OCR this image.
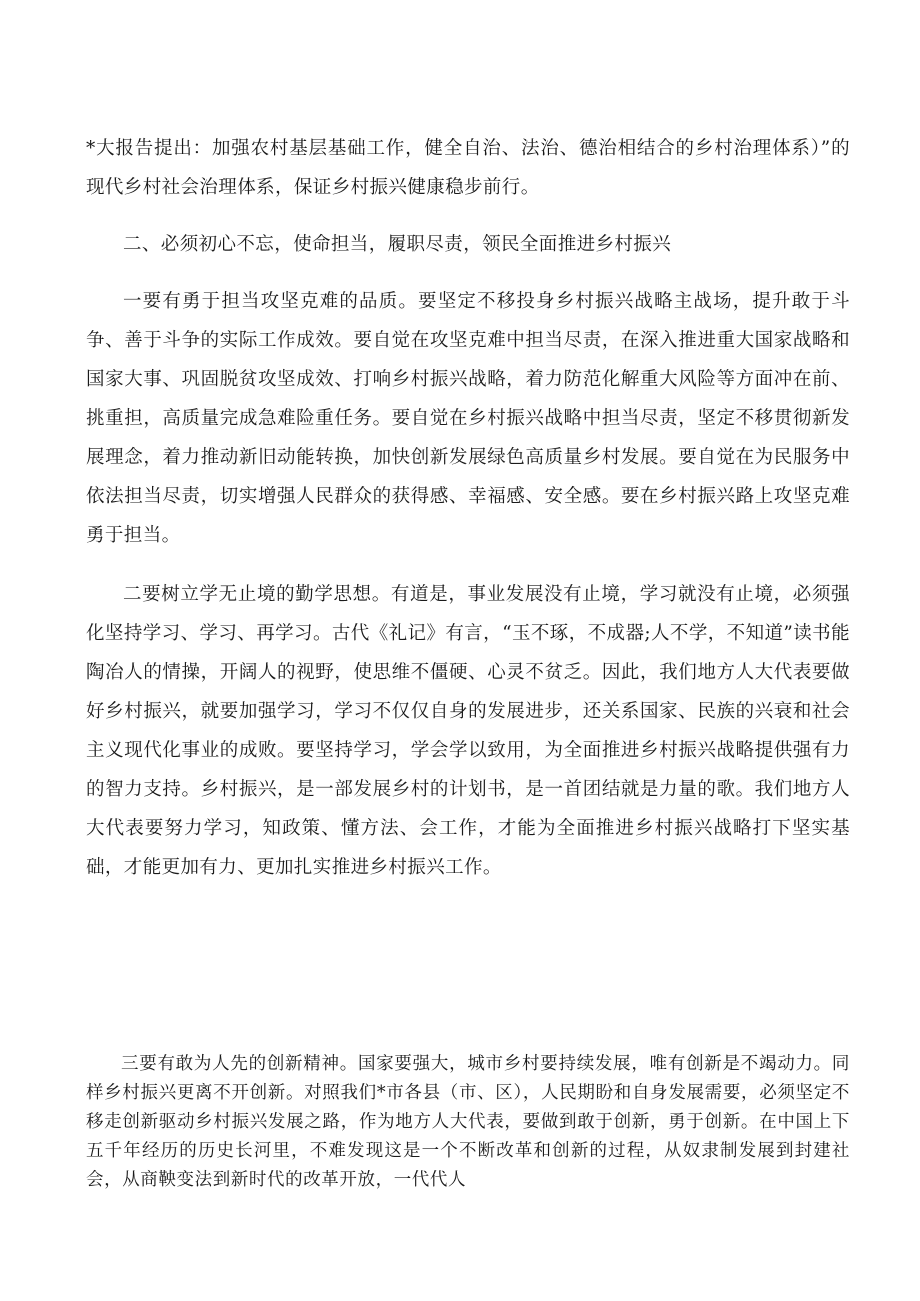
*大报告提出：加强农村基层基础工作，健全自治、法治、德治相结合的乡村治理体系）”的现代乡村社会治理体系，保证乡村振兴健康稳步前行。

二、必须初心不忘，使命担当，履职尽责，领民全面推进乡村振兴

一要有勇于担当攻坚克难的品质。要坚定不移投身乡村振兴战略主战场，提升敢于斗争、善于斗争的实际工作成效。要自觉在攻坚克难中担当尽责，在深入推进重大国家战略和国家大事、巩固脱贫攻坚成效、打响乡村振兴战略，着力防范化解重大风险等方面冲在前、挑重担，高质量完成急难险重任务。要自觉在乡村振兴战略中担当尽责，坚定不移贯彻新发展理念，着力推动新旧动能转换，加快创新发展绿色高质量乡村发展。要自觉在为民服务中依法担当尽责，切实增强人民群众的获得感、幸福感、安全感。要在乡村振兴路上攻坚克难勇于担当。

二要树立学无止境的勤学思想。有道是，事业发展没有止境，学习就没有止境，必须强化坚持学习、学习、再学习。古代《礼记》有言，“玉不琢，不成器;人不学，不知道”读书能陶冶人的情操，开阔人的视野，使思维不僵硬、心灵不贫乏。因此，我们地方人大代表要做好乡村振兴，就要加强学习，学习不仅仅自身的发展进步，还关系国家、民族的兴衰和社会主义现代化事业的成败。要坚持学习，学会学以致用，为全面推进乡村振兴战略提供强有力的智力支持。乡村振兴，是一部发展乡村的计划书，是一首团结就是力量的歌。我们地方人大代表要努力学习，知政策、懂方法、会工作，才能为全面推进乡村振兴战略打下坚实基础，才能更加有力、更加扎实推进乡村振兴工作。

三要有敢为人先的创新精神。国家要强大，城市乡村要持续发展，唯有创新是不竭动力。同样乡村振兴更离不开创新。对照我们*市各县（市、区），人民期盼和自身发展需要，必须坚定不移走创新驱动乡村振兴发展之路，作为地方人大代表，要做到敢于创新，勇于创新。在中国上下五千年经历的历史长河里，不难发现这是一个不断改革和创新的过程，从奴隶制发展到封建社会，从商鞅变法到新时代的改革开放，一代代人
